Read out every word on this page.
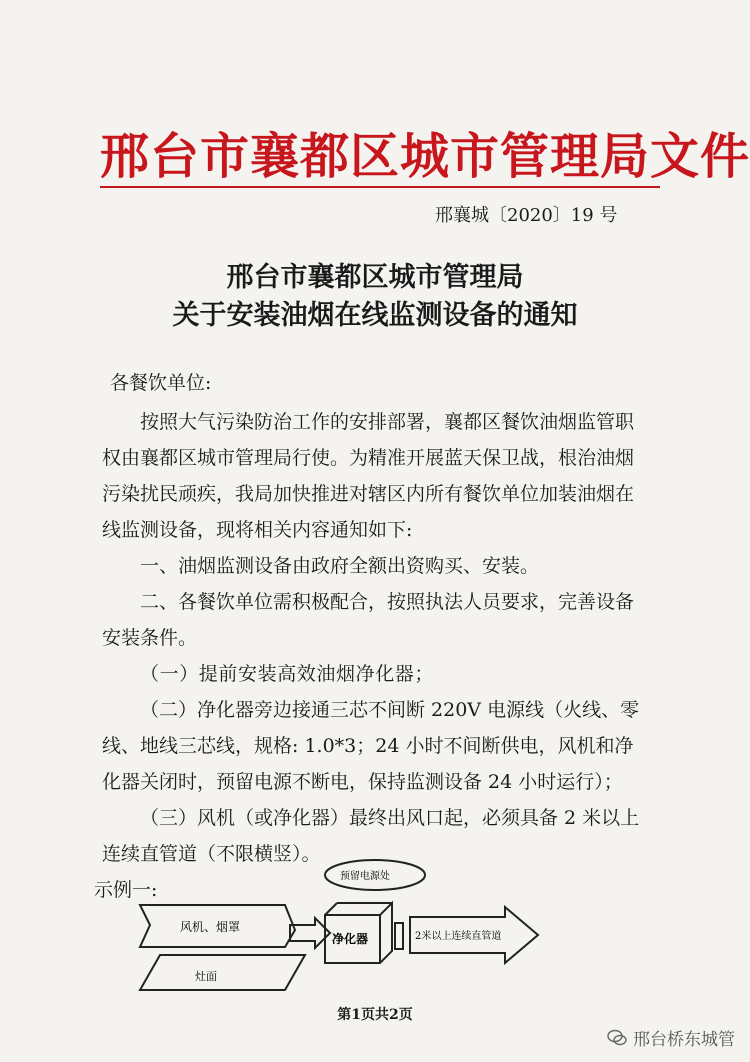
邢台市襄都区城市管理局文件
邢襄城〔2020〕19 号
邢台市襄都区城市管理局
关于安装油烟在线监测设备的通知
各餐饮单位:
按照大气污染防治工作的安排部署，襄都区餐饮油烟监管职
权由襄都区城市管理局行使。为精准开展蓝天保卫战，根治油烟
污染扰民顽疾，我局加快推进对辖区内所有餐饮单位加装油烟在
线监测设备，现将相关内容通知如下:
一、油烟监测设备由政府全额出资购买、安装。
二、各餐饮单位需积极配合，按照执法人员要求，完善设备
安装条件。
（一）提前安装高效油烟净化器；
（二）净化器旁边接通三芯不间断 220V 电源线（火线、零
线、地线三芯线，规格: 1.0*3；24 小时不间断供电，风机和净
化器关闭时，预留电源不断电，保持监测设备 24 小时运行）；
（三）风机（或净化器）最终出风口起，必须具备 2 米以上
连续直管道（不限横竖）。
示例一:
风机、烟罩
灶面
净化器
预留电源处
2米以上连续直管道
第1页共2页
邢台桥东城管
